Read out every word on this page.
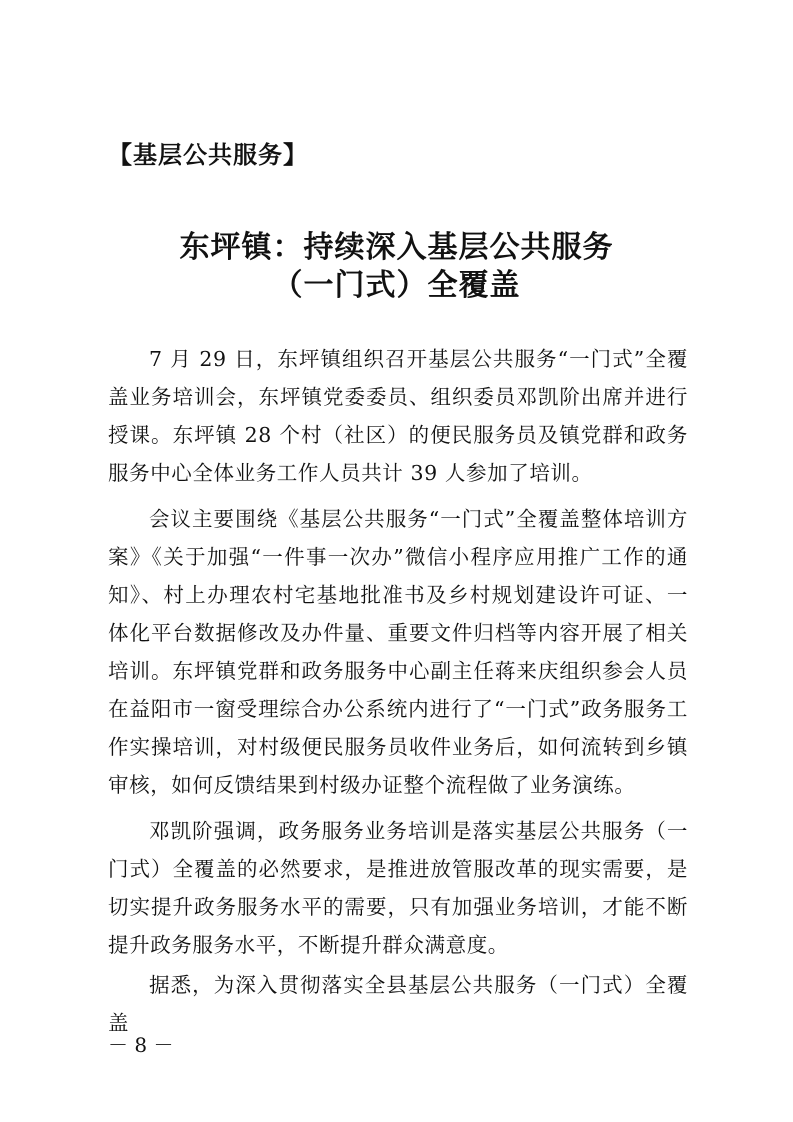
【基层公共服务】
东坪镇：持续深入基层公共服务
（一门式）全覆盖

7 月 29 日，东坪镇组织召开基层公共服务“一门式”全覆盖业务培训会，东坪镇党委委员、组织委员邓凯阶出席并进行授课。东坪镇 28 个村（社区）的便民服务员及镇党群和政务服务中心全体业务工作人员共计 39 人参加了培训。

会议主要围绕《基层公共服务“一门式”全覆盖整体培训方案》《关于加强“一件事一次办”微信小程序应用推广工作的通知》、村上办理农村宅基地批准书及乡村规划建设许可证、一体化平台数据修改及办件量、重要文件归档等内容开展了相关培训。东坪镇党群和政务服务中心副主任蒋来庆组织参会人员在益阳市一窗受理综合办公系统内进行了“一门式”政务服务工作实操培训，对村级便民服务员收件业务后，如何流转到乡镇审核，如何反馈结果到村级办证整个流程做了业务演练。

邓凯阶强调，政务服务业务培训是落实基层公共服务（一门式）全覆盖的必然要求，是推进放管服改革的现实需要，是切实提升政务服务水平的需要，只有加强业务培训，才能不断提升政务服务水平，不断提升群众满意度。

据悉，为深入贯彻落实全县基层公共服务（一门式）全覆盖

－ 8 －
